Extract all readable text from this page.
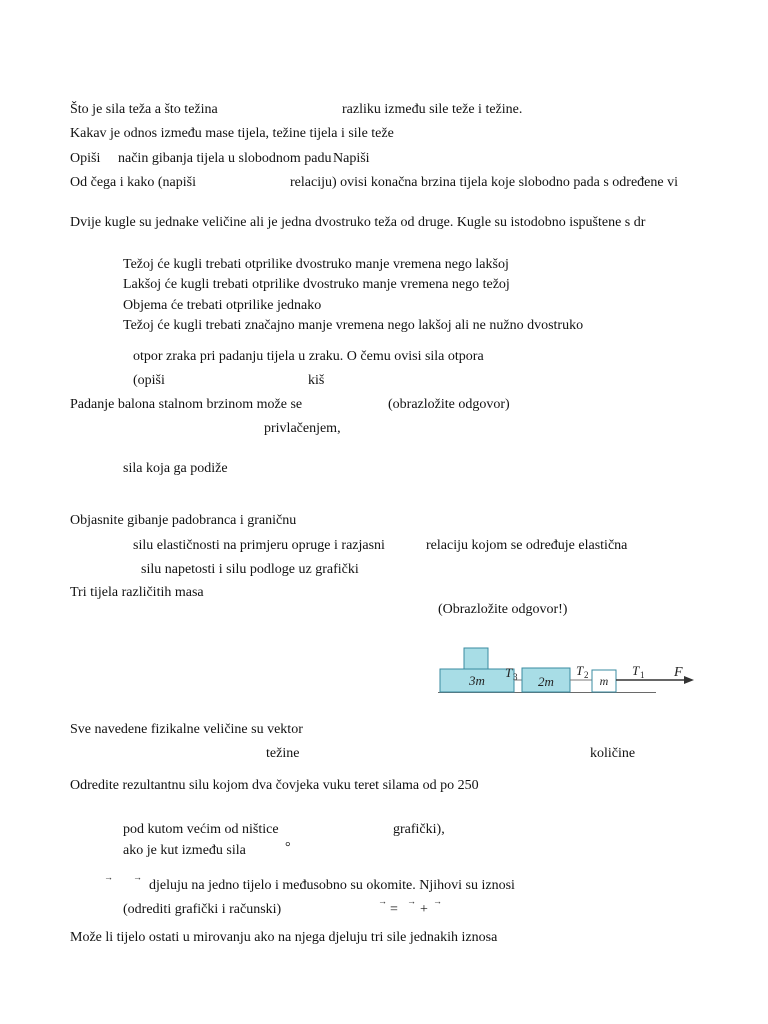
Što je sila teža a što težina	razliku između sile teže i težine.
Kakav je odnos između mase tijela, težine tijela i sile teže
Opiši način gibanja tijela u slobodnom padu Napiši
Od čega i kako (napiši	relaciju) ovisi konačna brzina tijela koje slobodno pada s određene vi
Dvije kugle su jednake veličine ali je jedna dvostruko teža od druge. Kugle su istodobno ispuštene s dr
Težoj će kugli trebati otprilike dvostruko manje vremena nego lakšoj
Lakšoj će kugli trebati otprilike dvostruko manje vremena nego težoj
Objema će trebati otprilike jednako
Težoj će kugli trebati značajno manje vremena nego lakšoj ali ne nužno dvostruko
otpor zraka pri padanju tijela u zraku. O čemu ovisi sila otpora
(opiši	kiš
Padanje balona stalnom brzinom može se	(obrazložite odgovor)
privlačenjem,
sila koja ga podiže
Objasnite gibanje padobranca i graničnu
silu elastičnosti na primjeru opruge i razjasni	relaciju kojom se određuje elastična
silu napetosti i silu podloge uz grafički
Tri tijela različitih masa
(Obrazložite odgovor!)
3m	2m	m
T 3	T 2	T 1 F
Sve navedene fizikalne veličine su vektor
težine	količine
Odredite rezultantnu silu kojom dva čovjeka vuku teret silama od po 250
pod kutom većim od ništice	grafički),
ako je kut između sila	°
→ →
djeluju na jedno tijelo i međusobno su okomite. Njihovi su iznosi
(odrediti grafički i računski)
→
=
→
+
→
Može li tijelo ostati u mirovanju ako na njega djeluju tri sile jednakih iznosa
